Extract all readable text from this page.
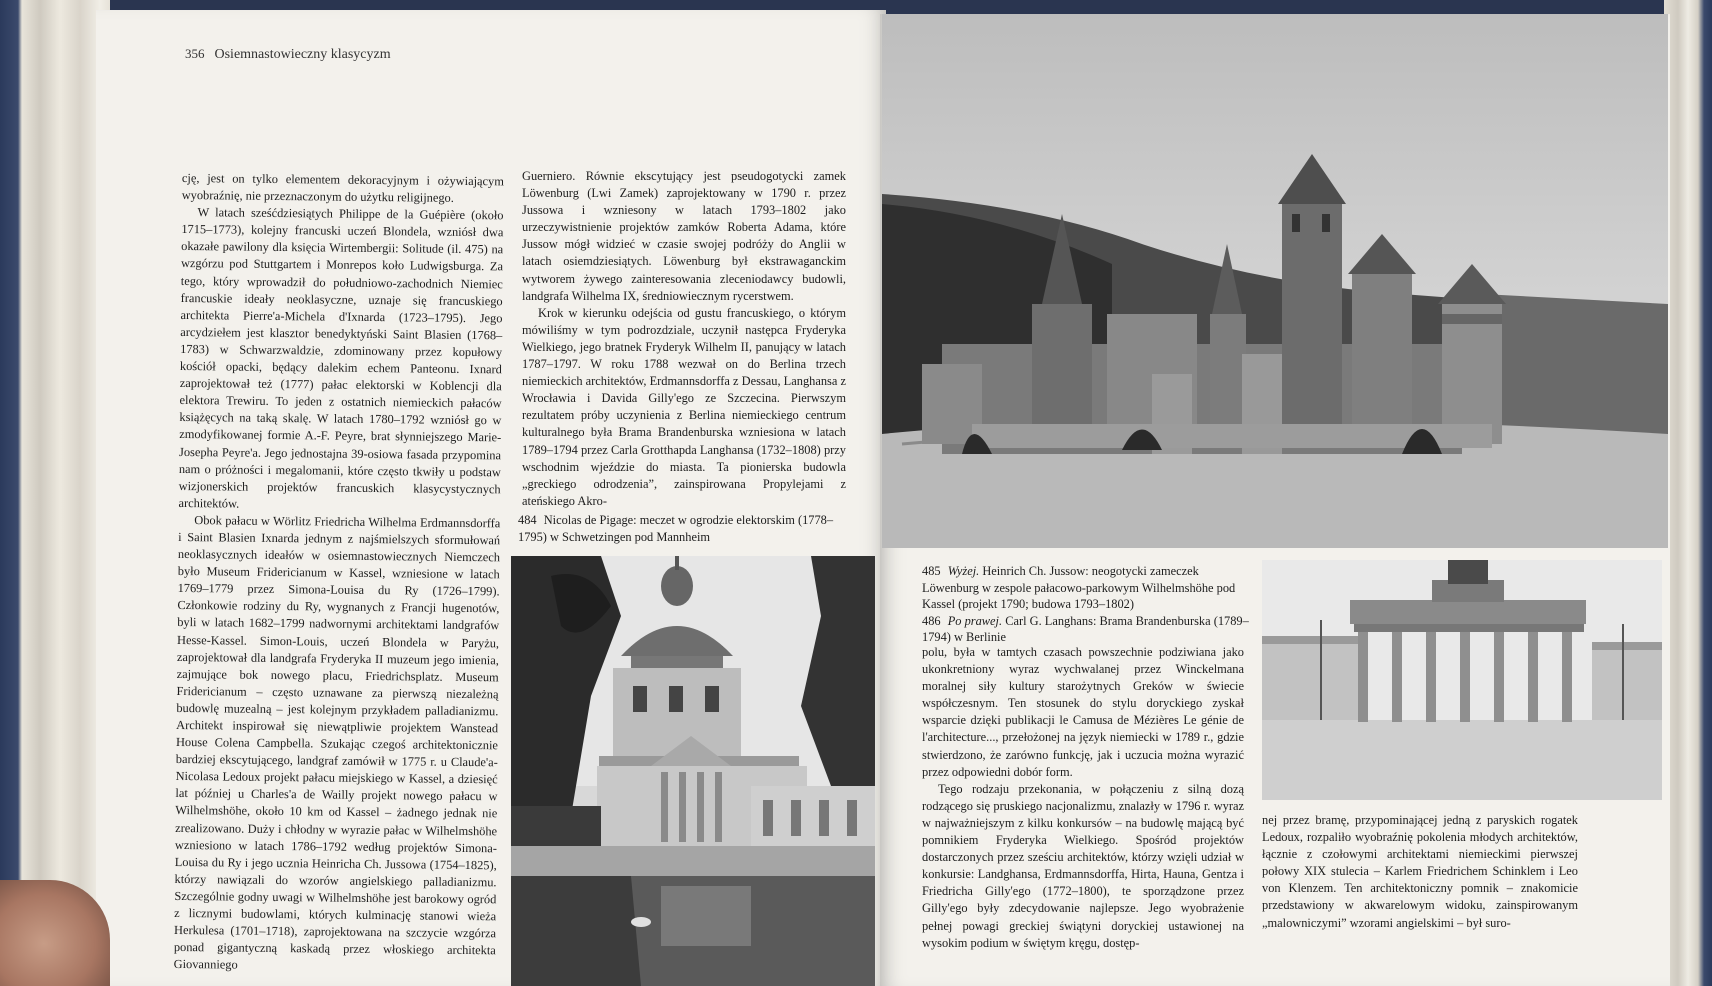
356 Osiemnastowieczny klasycyzm

cję, jest on tylko elementem dekoracyjnym i ożywiającym wyobraźnię, nie przeznaczonym do użytku religijnego.

W latach sześćdziesiątych Philippe de la Guépière (około 1715–1773), kolejny francuski uczeń Blondela, wzniósł dwa okazałe pawilony dla księcia Wirtembergii: Solitude (il. 475) na wzgórzu pod Stuttgartem i Monrepos koło Ludwigsburga. Za tego, który wprowadził do południowo-zachodnich Niemiec francuskie ideały neoklasyczne, uznaje się francuskiego architekta Pierre'a-Michela d'Ixnarda (1723–1795). Jego arcydziełem jest klasztor benedyktyński Saint Blasien (1768–1783) w Schwarzwaldzie, zdominowany przez kopułowy kościół opacki, będący dalekim echem Panteonu. Ixnard zaprojektował też (1777) pałac elektorski w Koblencji dla elektora Trewiru. To jeden z ostatnich niemieckich pałaców książęcych na taką skalę. W latach 1780–1792 wzniósł go w zmodyfikowanej formie A.-F. Peyre, brat słynniejszego Marie-Josepha Peyre'a. Jego jednostajna 39-osiowa fasada przypomina nam o próżności i megalomanii, które często tkwiły u podstaw wizjonerskich projektów francuskich klasycystycznych architektów.

Obok pałacu w Wörlitz Friedricha Wilhelma Erdmannsdorffa i Saint Blasien Ixnarda jednym z najśmielszych sformułowań neoklasycznych ideałów w osiemnastowiecznych Niemczech było Museum Fridericianum w Kassel, wzniesione w latach 1769–1779 przez Simona-Louisa du Ry (1726–1799). Członkowie rodziny du Ry, wygnanych z Francji hugenotów, byli w latach 1682–1799 nadwornymi architektami landgrafów Hesse-Kassel. Simon-Louis, uczeń Blondela w Paryżu, zaprojektował dla landgrafa Fryderyka II muzeum jego imienia, zajmujące bok nowego placu, Friedrichsplatz. Museum Fridericianum – często uznawane za pierwszą niezależną budowlę muzealną – jest kolejnym przykładem palladianizmu. Architekt inspirował się niewątpliwie projektem Wanstead House Colena Campbella. Szukając czegoś architektonicznie bardziej ekscytującego, landgraf zamówił w 1775 r. u Claude'a-Nicolasa Ledoux projekt pałacu miejskiego w Kassel, a dziesięć lat później u Charles'a de Wailly projekt nowego pałacu w Wilhelmshöhe, około 10 km od Kassel – żadnego jednak nie zrealizowano. Duży i chłodny w wyrazie pałac w Wilhelmshöhe wzniesiono w latach 1786–1792 według projektów Simona-Louisa du Ry i jego ucznia Heinricha Ch. Jussowa (1754–1825), którzy nawiązali do wzorów angielskiego palladianizmu. Szczególnie godny uwagi w Wilhelmshöhe jest barokowy ogród z licznymi budowlami, których kulminację stanowi wieża Herkulesa (1701–1718), zaprojektowana na szczycie wzgórza ponad gigantyczną kaskadą przez włoskiego architekta Giovanniego

Guerniero. Równie ekscytujący jest pseudogotycki zamek Löwenburg (Lwi Zamek) zaprojektowany w 1790 r. przez Jussowa i wzniesony w latach 1793–1802 jako urzeczywistnienie projektów zamków Roberta Adama, które Jussow mógł widzieć w czasie swojej podróży do Anglii w latach osiemdziesiątych. Löwenburg był ekstrawaganckim wytworem żywego zainteresowania zleceniodawcy budowli, landgrafa Wilhelma IX, średniowiecznym rycerstwem.

Krok w kierunku odejścia od gustu francuskiego, o którym mówiliśmy w tym podrozdziale, uczynił następca Fryderyka Wielkiego, jego bratnek Fryderyk Wilhelm II, panujący w latach 1787–1797. W roku 1788 wezwał on do Berlina trzech niemieckich architektów, Erdmannsdorffa z Dessau, Langhansa z Wrocławia i Davida Gilly'ego ze Szczecina. Pierwszym rezultatem próby uczynienia z Berlina niemieckiego centrum kulturalnego była Brama Brandenburska wzniesiona w latach 1789–1794 przez Carla Grotthарda Langhansa (1732–1808) przy wschodnim wjeździe do miasta. Ta pionierska budowla „greckiego odrodzenia”, zainspirowana Propylejami z ateńskiego Akro-

484 Nicolas de Pigage: meczet w ogrodzie elektorskim (1778–1795) w Schwetzingen pod Mannheim
485 Wyżej. Heinrich Ch. Jussow: neogotycki zameczek Löwenburg w zespole pałacowo-parkowym Wilhelmshöhe pod Kassel (projekt 1790; budowa 1793–1802)
486 Po prawej. Carl G. Langhans: Brama Brandenburska (1789–1794) w Berlinie

polu, była w tamtych czasach powszechnie podziwiana jako ukonkretniony wyraz wychwalanej przez Winckelmana moralnej siły kultury starożytnych Greków w świecie współczesnym. Ten stosunek do stylu doryckiego zyskał wsparcie dzięki publikacji le Camusa de Mézières Le génie de l'architecture..., przełożonej na język niemiecki w 1789 r., gdzie stwierdzono, że zarówno funkcję, jak i uczucia można wyrazić przez odpowiedni dobór form.

Tego rodzaju przekonania, w połączeniu z silną dozą rodzącego się pruskiego nacjonalizmu, znalazły w 1796 r. wyraz w najważniejszym z kilku konkursów – na budowlę mającą być pomnikiem Fryderyka Wielkiego. Spośród projektów dostarczonych przez sześciu architektów, którzy wzięli udział w konkursie: Landghansa, Erdmannsdorffa, Hirta, Hauna, Gentza i Friedricha Gilly'ego (1772–1800), te sporządzone przez Gilly'ego były zdecydowanie najlepsze. Jego wyobrażenie pełnej powagi greckiej świątyni doryckiej ustawionej na wysokim podium w świętym kręgu, dostęp-

nej przez bramę, przypominającej jedną z paryskich rogatek Ledoux, rozpaliło wyobraźnię pokolenia młodych architektów, łącznie z czołowymi architektami niemieckimi pierwszej połowy XIX stulecia – Karlem Friedrichem Schinklem i Leo von Klenzem. Ten architektoniczny pomnik – znakomicie przedstawiony w akwarelowym widoku, zainspirowanym „malowniczymi” wzorami angielskimi – był suro-
